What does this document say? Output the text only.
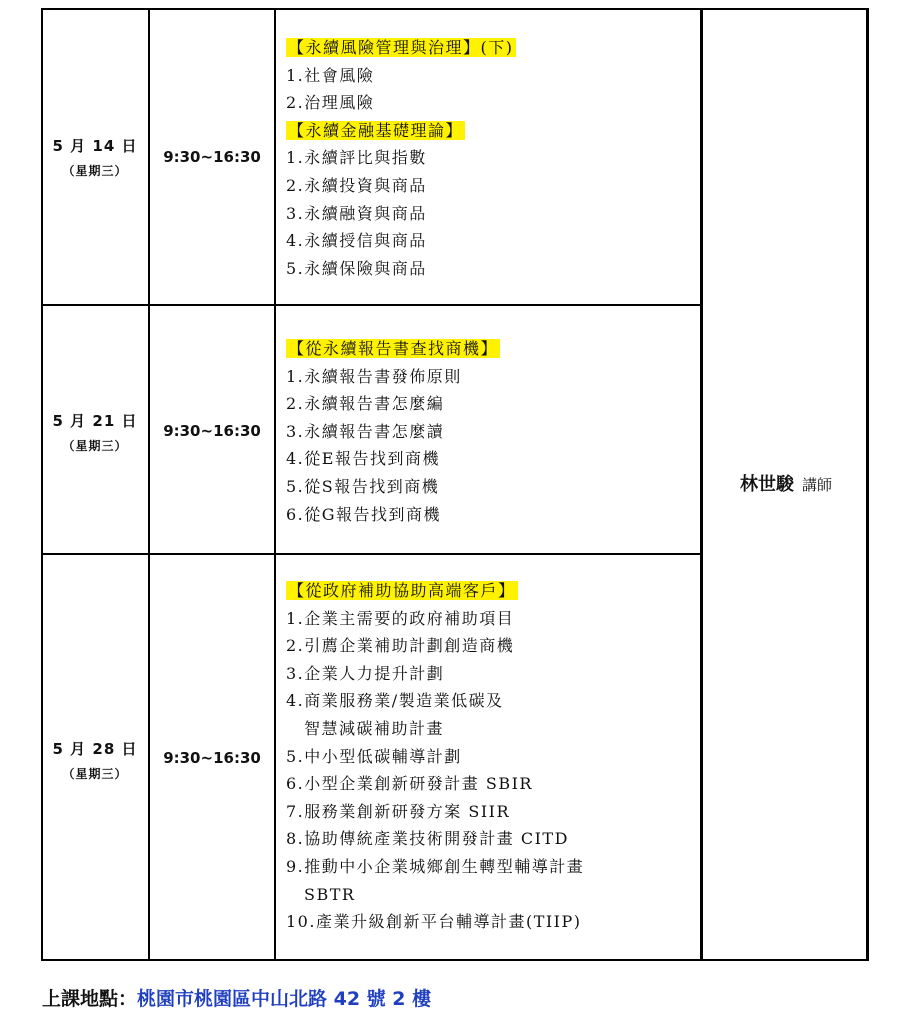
5 月 14 日
（星期三）
9:30~16:30
【永續風險管理與治理】(下)
1.社會風險
2.治理風險
【永續金融基礎理論】
1.永續評比與指數
2.永續投資與商品
3.永續融資與商品
4.永續授信與商品
5.永續保險與商品
5 月 21 日
（星期三）
9:30~16:30
【從永續報告書查找商機】
1.永續報告書發佈原則
2.永續報告書怎麼編
3.永續報告書怎麼讀
4.從E報告找到商機
5.從S報告找到商機
6.從G報告找到商機
5 月 28 日
（星期三）
9:30~16:30
【從政府補助協助高端客戶】
1.企業主需要的政府補助項目
2.引薦企業補助計劃創造商機
3.企業人力提升計劃
4.商業服務業/製造業低碳及
智慧減碳補助計畫
5.中小型低碳輔導計劃
6.小型企業創新研發計畫 SBIR
7.服務業創新研發方案 SIIR
8.協助傳統產業技術開發計畫 CITD
9.推動中小企業城鄉創生轉型輔導計畫
SBTR
10.產業升級創新平台輔導計畫(TIIP)
林世駿 講師
上課地點：桃園市桃園區中山北路 42 號 2 樓
